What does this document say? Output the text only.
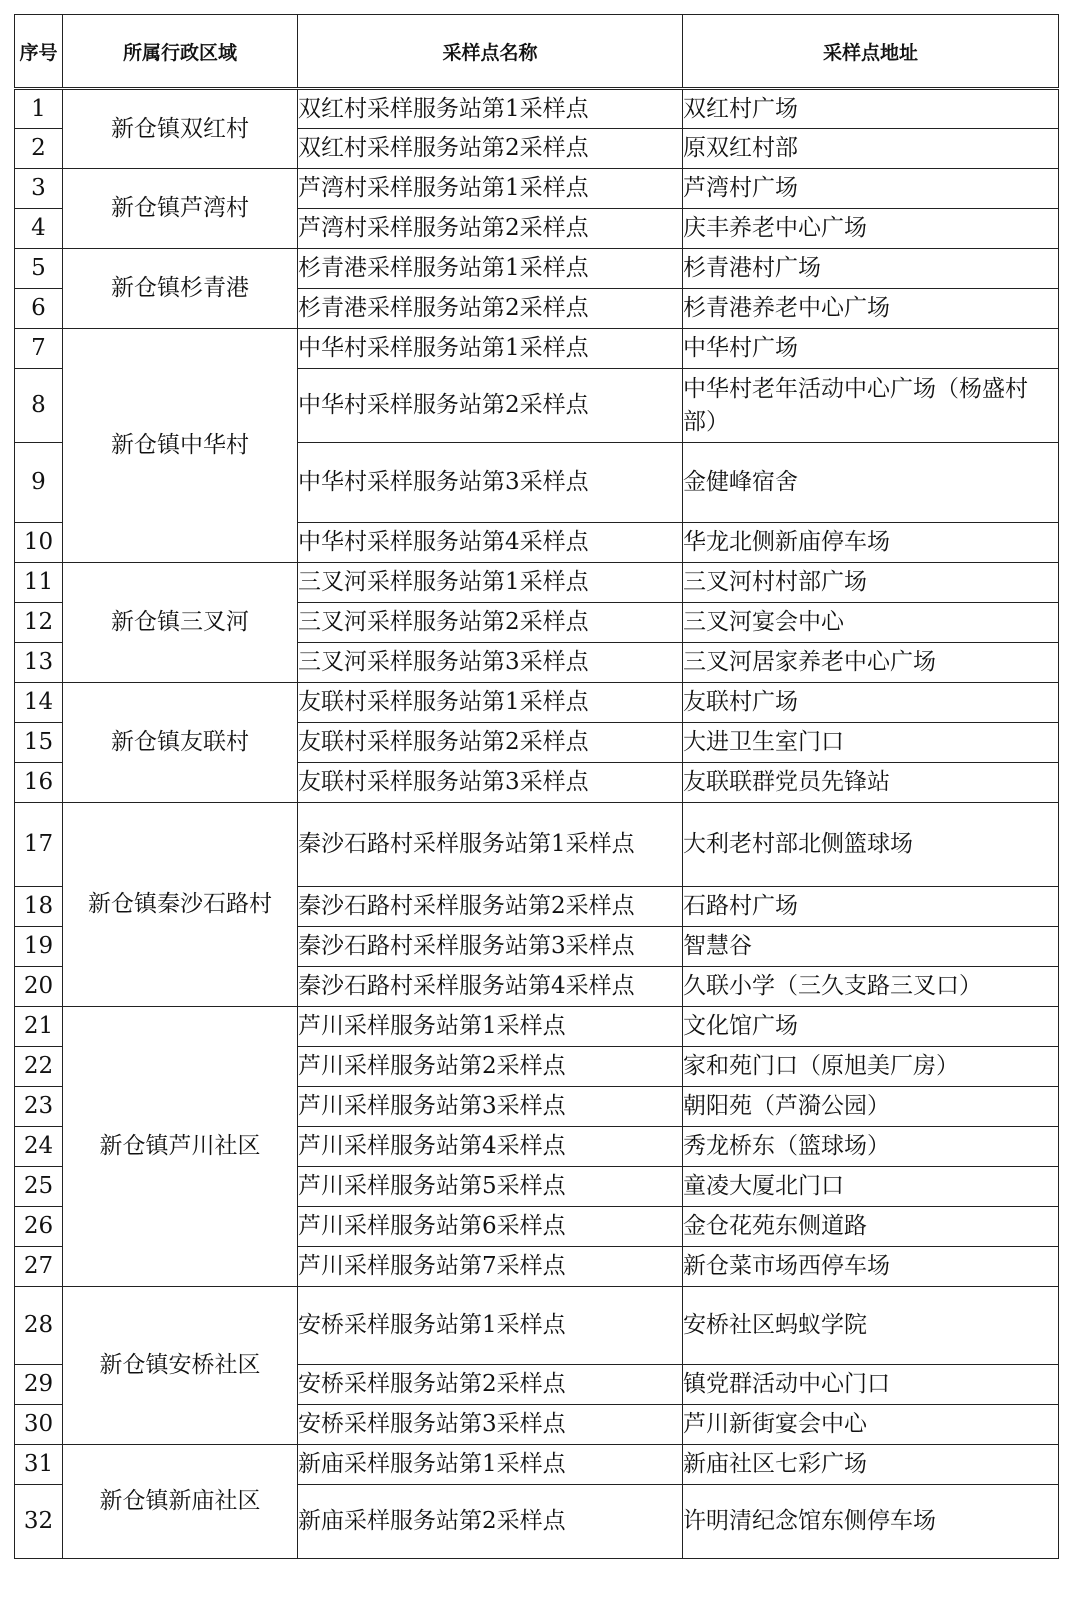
序号	所属行政区域	采样点名称	采样点地址
1	新仓镇双红村	双红村采样服务站第1采样点	双红村广场
2		双红村采样服务站第2采样点	原双红村部
3	新仓镇芦湾村	芦湾村采样服务站第1采样点	芦湾村广场
4		芦湾村采样服务站第2采样点	庆丰养老中心广场
5	新仓镇杉青港	杉青港采样服务站第1采样点	杉青港村广场
6		杉青港采样服务站第2采样点	杉青港养老中心广场
7	新仓镇中华村	中华村采样服务站第1采样点	中华村广场
8		中华村采样服务站第2采样点	中华村老年活动中心广场（杨盛村部）
9		中华村采样服务站第3采样点	金健峰宿舍
10		中华村采样服务站第4采样点	华龙北侧新庙停车场
11	新仓镇三叉河	三叉河采样服务站第1采样点	三叉河村村部广场
12		三叉河采样服务站第2采样点	三叉河宴会中心
13		三叉河采样服务站第3采样点	三叉河居家养老中心广场
14	新仓镇友联村	友联村采样服务站第1采样点	友联村广场
15		友联村采样服务站第2采样点	大进卫生室门口
16		友联村采样服务站第3采样点	友联联群党员先锋站
17	新仓镇秦沙石路村	秦沙石路村采样服务站第1采样点	大利老村部北侧篮球场
18		秦沙石路村采样服务站第2采样点	石路村广场
19		秦沙石路村采样服务站第3采样点	智慧谷
20		秦沙石路村采样服务站第4采样点	久联小学（三久支路三叉口）
21	新仓镇芦川社区	芦川采样服务站第1采样点	文化馆广场
22		芦川采样服务站第2采样点	家和苑门口（原旭美厂房）
23		芦川采样服务站第3采样点	朝阳苑（芦漪公园）
24		芦川采样服务站第4采样点	秀龙桥东（篮球场）
25		芦川采样服务站第5采样点	童凌大厦北门口
26		芦川采样服务站第6采样点	金仓花苑东侧道路
27		芦川采样服务站第7采样点	新仓菜市场西停车场
28	新仓镇安桥社区	安桥采样服务站第1采样点	安桥社区蚂蚁学院
29		安桥采样服务站第2采样点	镇党群活动中心门口
30		安桥采样服务站第3采样点	芦川新街宴会中心
31	新仓镇新庙社区	新庙采样服务站第1采样点	新庙社区七彩广场
32		新庙采样服务站第2采样点	许明清纪念馆东侧停车场
